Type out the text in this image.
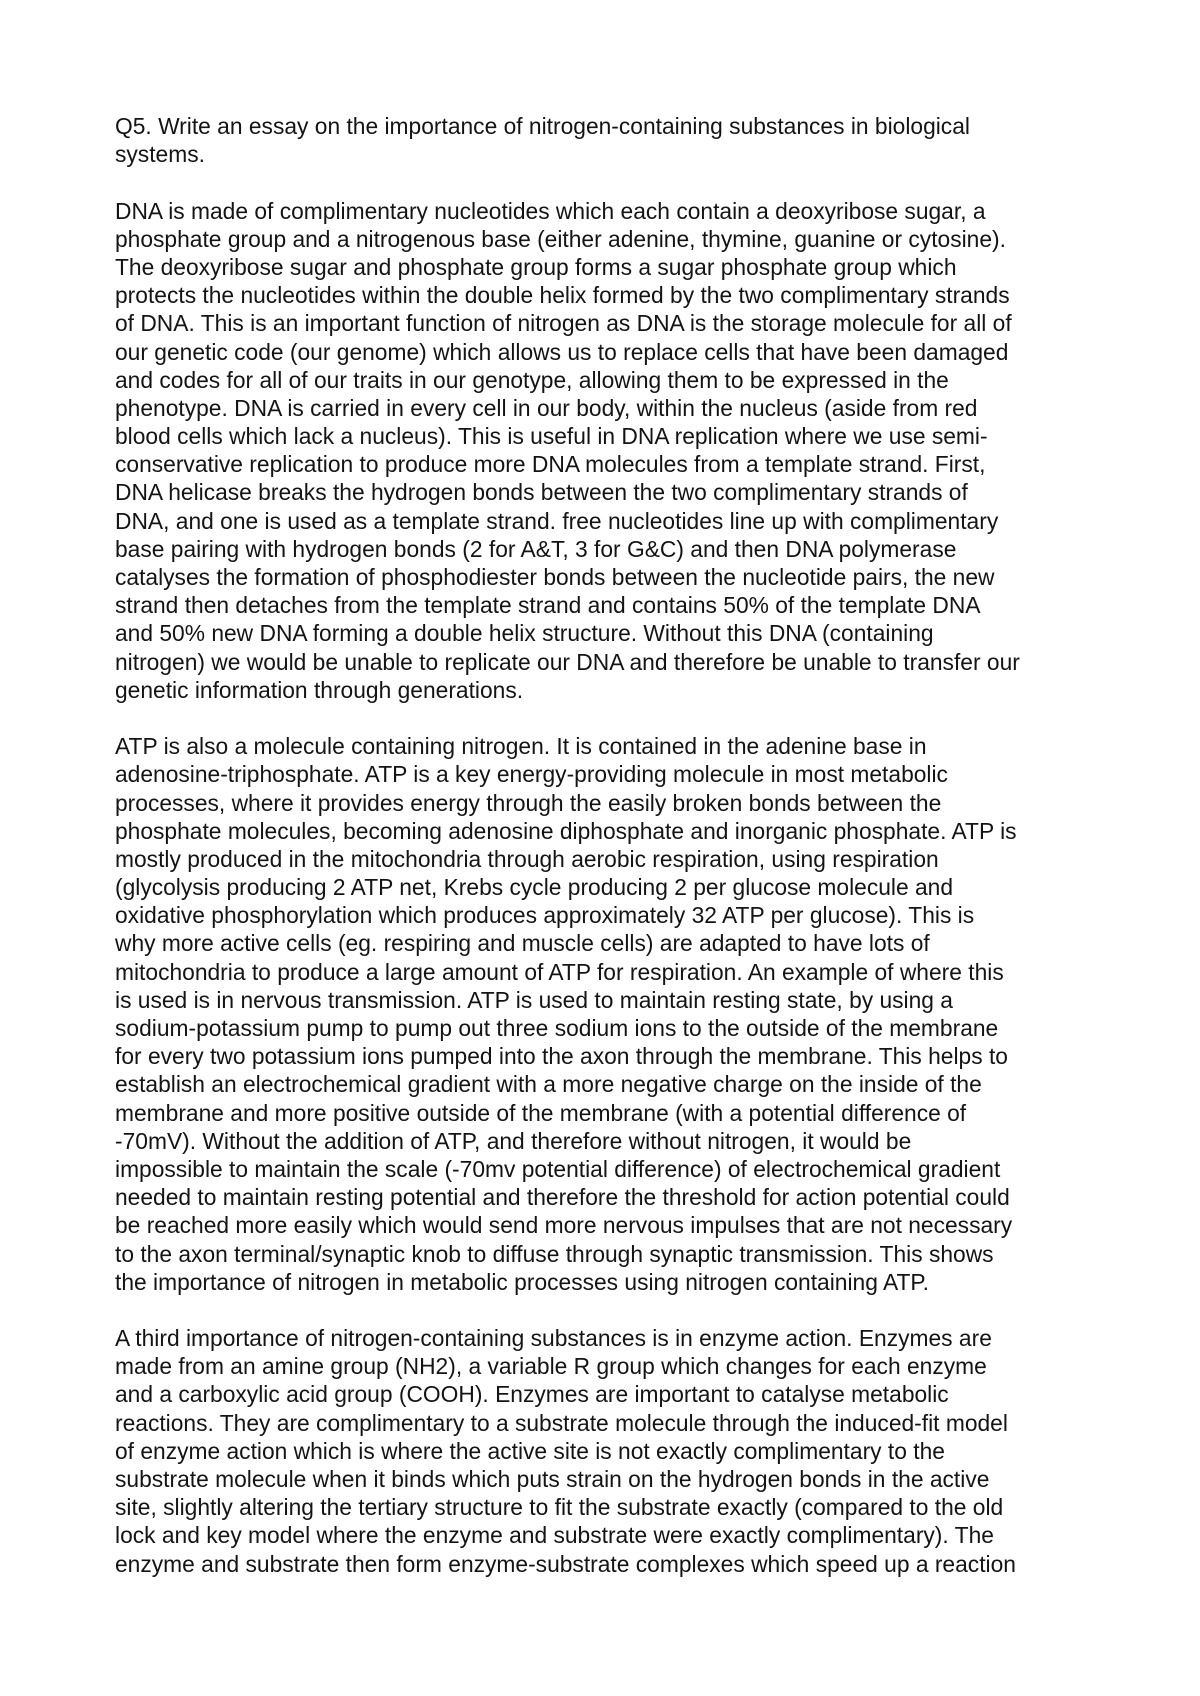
Q5. Write an essay on the importance of nitrogen-containing substances in biological
systems.
DNA is made of complimentary nucleotides which each contain a deoxyribose sugar, a
phosphate group and a nitrogenous base (either adenine, thymine, guanine or cytosine).
The deoxyribose sugar and phosphate group forms a sugar phosphate group which
protects the nucleotides within the double helix formed by the two complimentary strands
of DNA. This is an important function of nitrogen as DNA is the storage molecule for all of
our genetic code (our genome) which allows us to replace cells that have been damaged
and codes for all of our traits in our genotype, allowing them to be expressed in the
phenotype. DNA is carried in every cell in our body, within the nucleus (aside from red
blood cells which lack a nucleus). This is useful in DNA replication where we use semi-
conservative replication to produce more DNA molecules from a template strand. First,
DNA helicase breaks the hydrogen bonds between the two complimentary strands of
DNA, and one is used as a template strand. free nucleotides line up with complimentary
base pairing with hydrogen bonds (2 for A&T, 3 for G&C) and then DNA polymerase
catalyses the formation of phosphodiester bonds between the nucleotide pairs, the new
strand then detaches from the template strand and contains 50% of the template DNA
and 50% new DNA forming a double helix structure. Without this DNA (containing
nitrogen) we would be unable to replicate our DNA and therefore be unable to transfer our
genetic information through generations.
ATP is also a molecule containing nitrogen. It is contained in the adenine base in
adenosine-triphosphate. ATP is a key energy-providing molecule in most metabolic
processes, where it provides energy through the easily broken bonds between the
phosphate molecules, becoming adenosine diphosphate and inorganic phosphate. ATP is
mostly produced in the mitochondria through aerobic respiration, using respiration
(glycolysis producing 2 ATP net, Krebs cycle producing 2 per glucose molecule and
oxidative phosphorylation which produces approximately 32 ATP per glucose). This is
why more active cells (eg. respiring and muscle cells) are adapted to have lots of
mitochondria to produce a large amount of ATP for respiration. An example of where this
is used is in nervous transmission. ATP is used to maintain resting state, by using a
sodium-potassium pump to pump out three sodium ions to the outside of the membrane
for every two potassium ions pumped into the axon through the membrane. This helps to
establish an electrochemical gradient with a more negative charge on the inside of the
membrane and more positive outside of the membrane (with a potential difference of
-70mV). Without the addition of ATP, and therefore without nitrogen, it would be
impossible to maintain the scale (-70mv potential difference) of electrochemical gradient
needed to maintain resting potential and therefore the threshold for action potential could
be reached more easily which would send more nervous impulses that are not necessary
to the axon terminal/synaptic knob to diffuse through synaptic transmission. This shows
the importance of nitrogen in metabolic processes using nitrogen containing ATP.
A third importance of nitrogen-containing substances is in enzyme action. Enzymes are
made from an amine group (NH2), a variable R group which changes for each enzyme
and a carboxylic acid group (COOH). Enzymes are important to catalyse metabolic
reactions. They are complimentary to a substrate molecule through the induced-fit model
of enzyme action which is where the active site is not exactly complimentary to the
substrate molecule when it binds which puts strain on the hydrogen bonds in the active
site, slightly altering the tertiary structure to fit the substrate exactly (compared to the old
lock and key model where the enzyme and substrate were exactly complimentary). The
enzyme and substrate then form enzyme-substrate complexes which speed up a reaction
